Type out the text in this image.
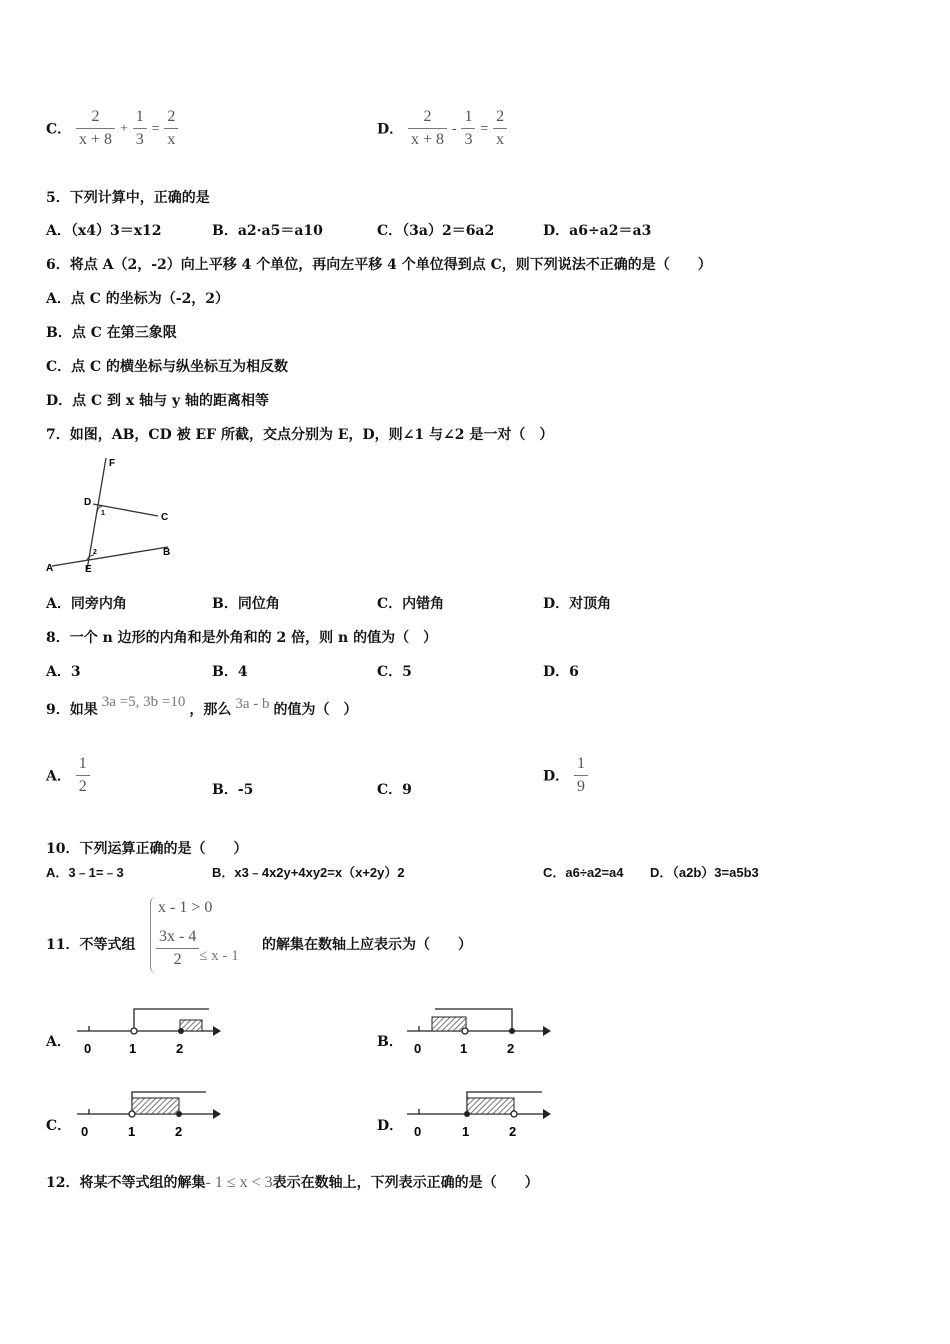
C． $\frac{2}{x + 8} + \frac{1}{3} = \frac{2}{x}$	D． $\frac{2}{x + 8} - \frac{1}{3} = \frac{2}{x}$
5．下列计算中，正确的是
A．（x4）3＝x12	B．a2·a5＝a10	C．（3a）2＝6a2	D．a6÷a2＝a3
6．将点 A（2，-2）向上平移 4 个单位，再向左平移 4 个单位得到点 C，则下列说法不正确的是（　　）
A．点 C 的坐标为（-2，2）
B．点 C 在第三象限
C．点 C 的横坐标与纵坐标互为相反数
D．点 C 到 x 轴与 y 轴的距离相等
7．如图，AB，CD 被 EF 所截，交点分别为 E，D，则∠1 与∠2 是一对（　）
F
D
C
A	E
B
1
2
A．同旁内角	B．同位角	C．内错角	D．对顶角
8．一个 n 边形的内角和是外角和的 2 倍，则 n 的值为（　）
A．3	B．4	C．5	D．6
9．如果 3a =5, 3b =10 ，那么 3a - b 的值为（　）
A． $\frac{1}{2}$	B．-5	C．9
D． $\frac{1}{9}$
10．下列运算正确的是（　　）
A．3﹣1=﹣3	B．x3﹣4x2y+4xy2=x（x+2y）2	C．a6÷a2=a4 D．（a2b）3=a5b3
11．不等式组
x - 1 > 0
$\frac{3x - 4}{2} \le x - 1$
的解集在数轴上应表示为（　　）
A．	B．
C．	D．
0	1	2	0	1	2
0	1	2	0	1	2
12．将某不等式组的解集- 1 ≤ x < 3表示在数轴上，下列表示正确的是（　　）
